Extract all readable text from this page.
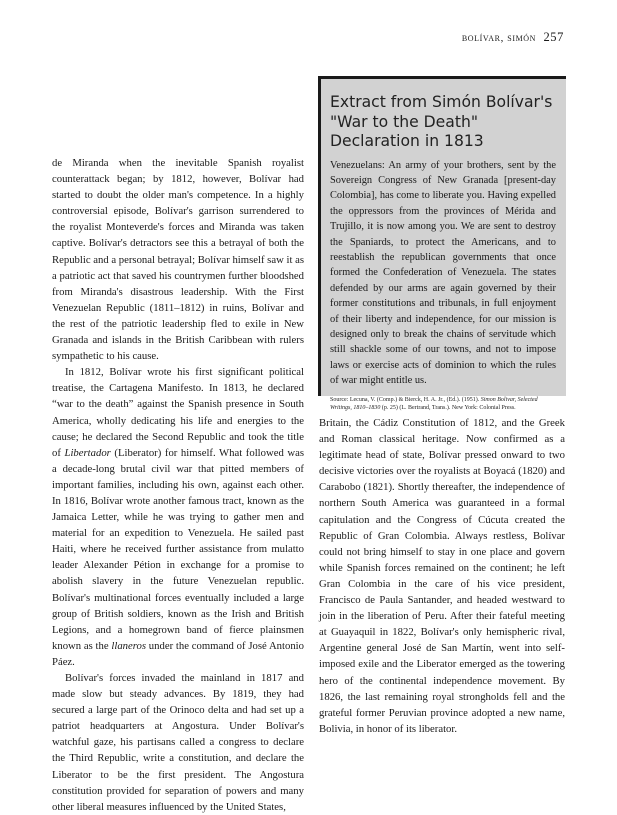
bolívar, simón 257
Extract from Simón Bolívar's "War to the Death" Declaration in 1813

Venezuelans: An army of your brothers, sent by the Sovereign Congress of New Granada [present-day Colombia], has come to liberate you. Having expelled the oppressors from the provinces of Mérida and Trujillo, it is now among you. We are sent to destroy the Spaniards, to protect the Americans, and to reestablish the republican governments that once formed the Confederation of Venezuela. The states defended by our arms are again governed by their former constitutions and tribunals, in full enjoyment of their liberty and independence, for our mission is designed only to break the chains of servitude which still shackle some of our towns, and not to impose laws or exercise acts of dominion to which the rules of war might entitle us.

Source: Lecuna, V. (Comp.) & Bierck, H. A. Jr., (Ed.). (1951). Simon Bolivar, Selected Writings, 1810–1830 (p. 25) (L. Bertrand, Trans.). New York: Colonial Press.

de Miranda when the inevitable Spanish royalist counterattack began; by 1812, however, Bolívar had started to doubt the older man's competence. In a highly controversial episode, Bolívar's garrison surrendered to the royalist Monteverde's forces and Miranda was taken captive. Bolívar's detractors see this a betrayal of both the Republic and a personal betrayal; Bolívar himself saw it as a patriotic act that saved his countrymen further bloodshed from Miranda's disastrous leadership. With the First Venezuelan Republic (1811–1812) in ruins, Bolívar and the rest of the patriotic leadership fled to exile in New Granada and islands in the British Caribbean with rulers sympathetic to his cause.

In 1812, Bolívar wrote his first significant political treatise, the Cartagena Manifesto. In 1813, he declared “war to the death” against the Spanish presence in South America, wholly dedicating his life and energies to the cause; he declared the Second Republic and took the title of Libertador (Liberator) for himself. What followed was a decade-long brutal civil war that pitted members of important families, including his own, against each other. In 1816, Bolívar wrote another famous tract, known as the Jamaica Letter, while he was trying to gather men and material for an expedition to Venezuela. He sailed past Haiti, where he received further assistance from mulatto leader Alexander Pétion in exchange for a promise to abolish slavery in the future Venezuelan republic. Bolívar's multinational forces eventually included a large group of British soldiers, known as the Irish and British Legions, and a homegrown band of fierce plainsmen known as the llaneros under the command of José Antonio Páez.

Bolívar's forces invaded the mainland in 1817 and made slow but steady advances. By 1819, they had secured a large part of the Orinoco delta and had set up a patriot headquarters at Angostura. Under Bolívar's watchful gaze, his partisans called a congress to declare the Third Republic, write a constitution, and declare the Liberator to be the first president. The Angostura constitution provided for separation of powers and many other liberal measures influenced by the United States,

Britain, the Cádiz Constitution of 1812, and the Greek and Roman classical heritage. Now confirmed as a legitimate head of state, Bolívar pressed onward to two decisive victories over the royalists at Boyacá (1820) and Carabobo (1821). Shortly thereafter, the independence of northern South America was guaranteed in a formal capitulation and the Congress of Cúcuta created the Republic of Gran Colombia. Always restless, Bolívar could not bring himself to stay in one place and govern while Spanish forces remained on the continent; he left Gran Colombia in the care of his vice president, Francisco de Paula Santander, and headed westward to join in the liberation of Peru. After their fateful meeting at Guayaquil in 1822, Bolívar's only hemispheric rival, Argentine general José de San Martín, went into self-imposed exile and the Liberator emerged as the towering hero of the continental independence movement. By 1826, the last remaining royal strongholds fell and the grateful former Peruvian province adopted a new name, Bolivia, in honor of its liberator.
